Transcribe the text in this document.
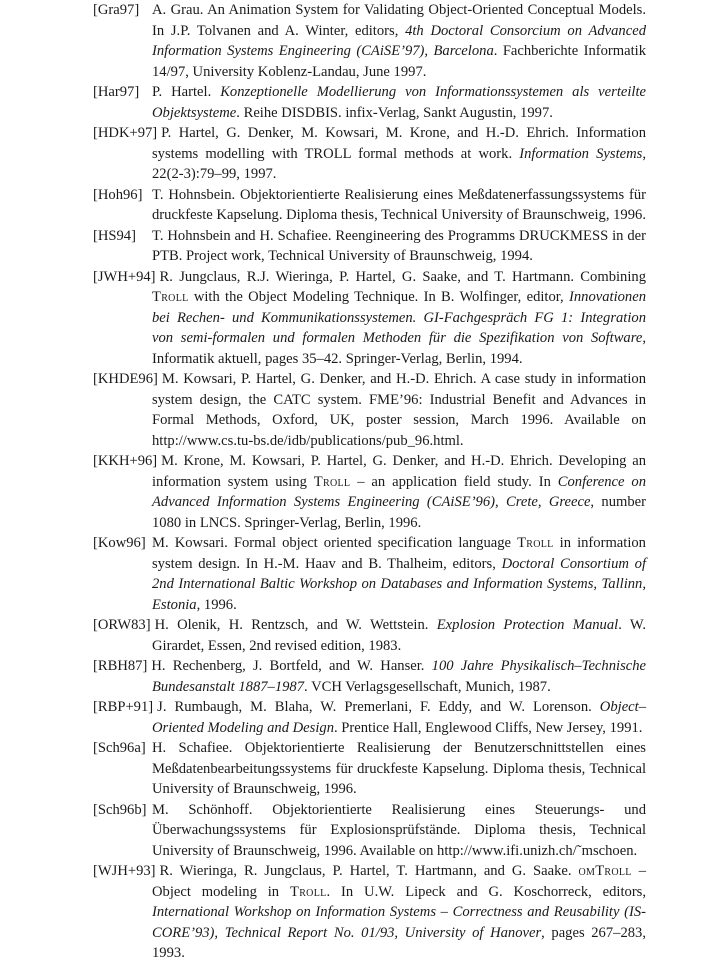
[Gra97] A. Grau. An Animation System for Validating Object-Oriented Conceptual Models. In J.P. Tolvanen and A. Winter, editors, 4th Doctoral Consorcium on Advanced Information Systems Engineering (CAiSE’97), Barcelona. Fachberichte Informatik 14/97, University Koblenz-Landau, June 1997.
[Har97] P. Hartel. Konzeptionelle Modellierung von Informationssystemen als verteilte Objektsysteme. Reihe DISDBIS. infix-Verlag, Sankt Augustin, 1997.
[HDK+97] P. Hartel, G. Denker, M. Kowsari, M. Krone, and H.-D. Ehrich. Information systems modelling with TROLL formal methods at work. Information Systems, 22(2-3):79–99, 1997.
[Hoh96] T. Hohnsbein. Objektorientierte Realisierung eines Meßdatenerfassungssystems für druckfeste Kapselung. Diploma thesis, Technical University of Braunschweig, 1996.
[HS94] T. Hohnsbein and H. Schafiee. Reengineering des Programms DRUCKMESS in der PTB. Project work, Technical University of Braunschweig, 1994.
[JWH+94] R. Jungclaus, R.J. Wieringa, P. Hartel, G. Saake, and T. Hartmann. Combining Troll with the Object Modeling Technique. In B. Wolfinger, editor, Innovationen bei Rechen- und Kommunikationssystemen. GI-Fachgespräch FG 1: Integration von semi-formalen und formalen Methoden für die Spezifikation von Software, Informatik aktuell, pages 35–42. Springer-Verlag, Berlin, 1994.
[KHDE96] M. Kowsari, P. Hartel, G. Denker, and H.-D. Ehrich. A case study in information system design, the CATC system. FME’96: Industrial Benefit and Advances in Formal Methods, Oxford, UK, poster session, March 1996. Available on http://www.cs.tu-bs.de/idb/publications/pub_96.html.
[KKH+96] M. Krone, M. Kowsari, P. Hartel, G. Denker, and H.-D. Ehrich. Developing an information system using Troll – an application field study. In Conference on Advanced Information Systems Engineering (CAiSE’96), Crete, Greece, number 1080 in LNCS. Springer-Verlag, Berlin, 1996.
[Kow96] M. Kowsari. Formal object oriented specification language Troll in information system design. In H.-M. Haav and B. Thalheim, editors, Doctoral Consortium of 2nd International Baltic Workshop on Databases and Information Systems, Tallinn, Estonia, 1996.
[ORW83] H. Olenik, H. Rentzsch, and W. Wettstein. Explosion Protection Manual. W. Girardet, Essen, 2nd revised edition, 1983.
[RBH87] H. Rechenberg, J. Bortfeld, and W. Hanser. 100 Jahre Physikalisch–Technische Bundesanstalt 1887–1987. VCH Verlagsgesellschaft, Munich, 1987.
[RBP+91] J. Rumbaugh, M. Blaha, W. Premerlani, F. Eddy, and W. Lorenson. Object–Oriented Modeling and Design. Prentice Hall, Englewood Cliffs, New Jersey, 1991.
[Sch96a] H. Schafiee. Objektorientierte Realisierung der Benutzerschnittstellen eines Meßdatenbearbeitungssystems für druckfeste Kapselung. Diploma thesis, Technical University of Braunschweig, 1996.
[Sch96b] M. Schönhoff. Objektorientierte Realisierung eines Steuerungs- und Überwachungssystems für Explosionsprüfstände. Diploma thesis, Technical University of Braunschweig, 1996. Available on http://www.ifi.unizh.ch/˜mschoen.
[WJH+93] R. Wieringa, R. Jungclaus, P. Hartel, T. Hartmann, and G. Saake. omTroll – Object modeling in Troll. In U.W. Lipeck and G. Koschorreck, editors, International Workshop on Information Systems – Correctness and Reusability (IS-CORE’93), Technical Report No. 01/93, University of Hanover, pages 267–283, 1993.
